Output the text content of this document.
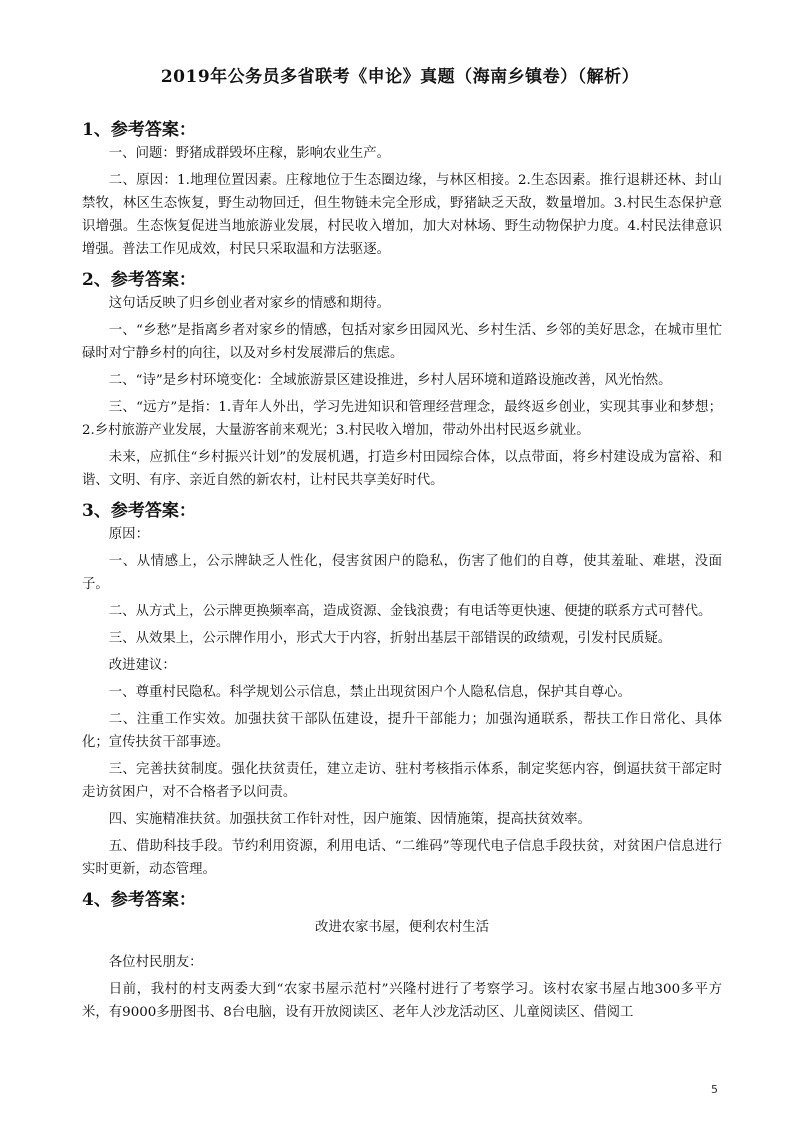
2019年公务员多省联考《申论》真题（海南乡镇卷）（解析）
1、参考答案：

一、问题：野猪成群毁坏庄稼，影响农业生产。

二、原因：1.地理位置因素。庄稼地位于生态圈边缘，与林区相接。2.生态因素。推行退耕还林、封山禁牧，林区生态恢复，野生动物回迁，但生物链未完全形成，野猪缺乏天敌，数量增加。3.村民生态保护意识增强。生态恢复促进当地旅游业发展，村民收入增加，加大对林场、野生动物保护力度。4.村民法律意识增强。普法工作见成效，村民只采取温和方法驱逐。

2、参考答案：

这句话反映了归乡创业者对家乡的情感和期待。

一、“乡愁”是指离乡者对家乡的情感，包括对家乡田园风光、乡村生活、乡邻的美好思念，在城市里忙碌时对宁静乡村的向往，以及对乡村发展滞后的焦虑。

二、“诗”是乡村环境变化：全域旅游景区建设推进，乡村人居环境和道路设施改善，风光怡然。

三、“远方”是指：1.青年人外出，学习先进知识和管理经营理念，最终返乡创业，实现其事业和梦想；2.乡村旅游产业发展，大量游客前来观光；3.村民收入增加，带动外出村民返乡就业。

未来，应抓住“乡村振兴计划”的发展机遇，打造乡村田园综合体，以点带面，将乡村建设成为富裕、和谐、文明、有序、亲近自然的新农村，让村民共享美好时代。

3、参考答案：

原因：

一、从情感上，公示牌缺乏人性化，侵害贫困户的隐私，伤害了他们的自尊，使其羞耻、难堪，没面子。

二、从方式上，公示牌更换频率高，造成资源、金钱浪费；有电话等更快速、便捷的联系方式可替代。

三、从效果上，公示牌作用小，形式大于内容，折射出基层干部错误的政绩观，引发村民质疑。

改进建议：

一、尊重村民隐私。科学规划公示信息，禁止出现贫困户个人隐私信息，保护其自尊心。

二、注重工作实效。加强扶贫干部队伍建设，提升干部能力；加强沟通联系，帮扶工作日常化、具体化；宣传扶贫干部事迹。

三、完善扶贫制度。强化扶贫责任，建立走访、驻村考核指示体系，制定奖惩内容，倒逼扶贫干部定时走访贫困户，对不合格者予以问责。

四、实施精准扶贫。加强扶贫工作针对性，因户施策、因情施策，提高扶贫效率。

五、借助科技手段。节约利用资源，利用电话、“二维码”等现代电子信息手段扶贫，对贫困户信息进行实时更新，动态管理。

4、参考答案：

改进农家书屋，便利农村生活

各位村民朋友：

日前，我村的村支两委大到“农家书屋示范村”兴隆村进行了考察学习。该村农家书屋占地300多平方米，有9000多册图书、8台电脑，设有开放阅读区、老年人沙龙活动区、儿童阅读区、借阅工

5
